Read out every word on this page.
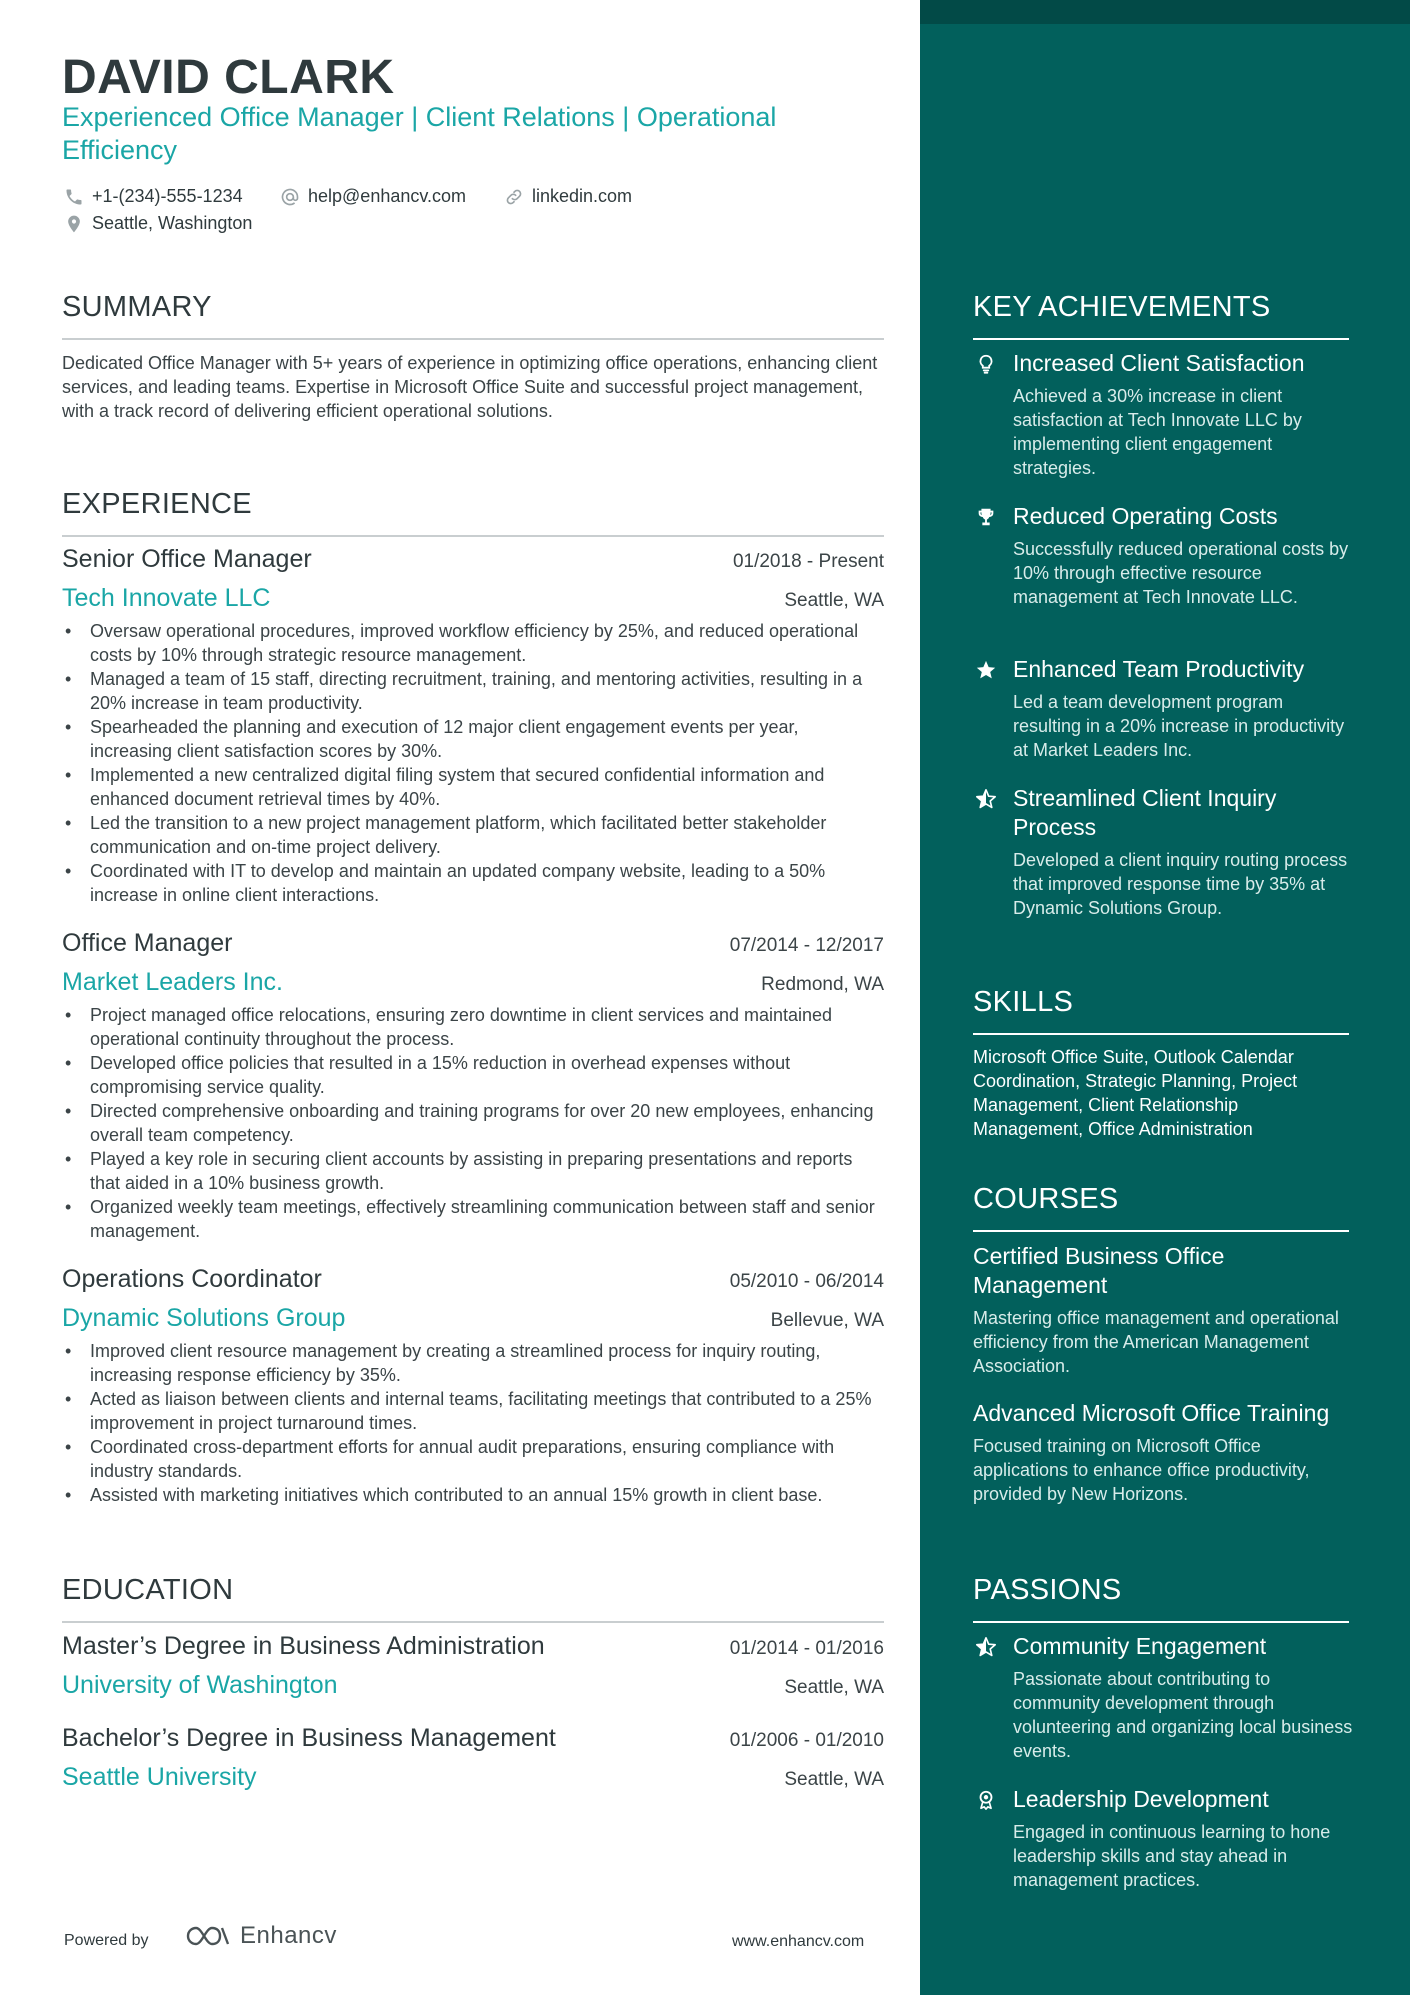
DAVID CLARK
Experienced Office Manager | Client Relations | Operational Efficiency
+1-(234)-555-1234	help@enhancv.com	linkedin.com
Seattle, Washington
SUMMARY
Dedicated Office Manager with 5+ years of experience in optimizing office operations, enhancing client services, and leading teams. Expertise in Microsoft Office Suite and successful project management, with a track record of delivering efficient operational solutions.
EXPERIENCE
Senior Office Manager	01/2018 - Present
Tech Innovate LLC	Seattle, WA
• Oversaw operational procedures, improved workflow efficiency by 25%, and reduced operational costs by 10% through strategic resource management.
• Managed a team of 15 staff, directing recruitment, training, and mentoring activities, resulting in a 20% increase in team productivity.
• Spearheaded the planning and execution of 12 major client engagement events per year, increasing client satisfaction scores by 30%.
• Implemented a new centralized digital filing system that secured confidential information and enhanced document retrieval times by 40%.
• Led the transition to a new project management platform, which facilitated better stakeholder communication and on-time project delivery.
• Coordinated with IT to develop and maintain an updated company website, leading to a 50% increase in online client interactions.
Office Manager	07/2014 - 12/2017
Market Leaders Inc.	Redmond, WA
• Project managed office relocations, ensuring zero downtime in client services and maintained operational continuity throughout the process.
• Developed office policies that resulted in a 15% reduction in overhead expenses without compromising service quality.
• Directed comprehensive onboarding and training programs for over 20 new employees, enhancing overall team competency.
• Played a key role in securing client accounts by assisting in preparing presentations and reports that aided in a 10% business growth.
• Organized weekly team meetings, effectively streamlining communication between staff and senior management.
Operations Coordinator	05/2010 - 06/2014
Dynamic Solutions Group	Bellevue, WA
• Improved client resource management by creating a streamlined process for inquiry routing, increasing response efficiency by 35%.
• Acted as liaison between clients and internal teams, facilitating meetings that contributed to a 25% improvement in project turnaround times.
• Coordinated cross-department efforts for annual audit preparations, ensuring compliance with industry standards.
• Assisted with marketing initiatives which contributed to an annual 15% growth in client base.
EDUCATION
Master’s Degree in Business Administration	01/2014 - 01/2016
University of Washington	Seattle, WA
Bachelor’s Degree in Business Management	01/2006 - 01/2010
Seattle University	Seattle, WA
Powered by	Enhancv	www.enhancv.com
KEY ACHIEVEMENTS
Increased Client Satisfaction
Achieved a 30% increase in client satisfaction at Tech Innovate LLC by implementing client engagement strategies.
Reduced Operating Costs
Successfully reduced operational costs by 10% through effective resource management at Tech Innovate LLC.
Enhanced Team Productivity
Led a team development program resulting in a 20% increase in productivity at Market Leaders Inc.
Streamlined Client Inquiry Process
Developed a client inquiry routing process that improved response time by 35% at Dynamic Solutions Group.
SKILLS
Microsoft Office Suite, Outlook Calendar Coordination, Strategic Planning, Project Management, Client Relationship Management, Office Administration
COURSES
Certified Business Office Management
Mastering office management and operational efficiency from the American Management Association.
Advanced Microsoft Office Training
Focused training on Microsoft Office applications to enhance office productivity, provided by New Horizons.
PASSIONS
Community Engagement
Passionate about contributing to community development through volunteering and organizing local business events.
Leadership Development
Engaged in continuous learning to hone leadership skills and stay ahead in management practices.
